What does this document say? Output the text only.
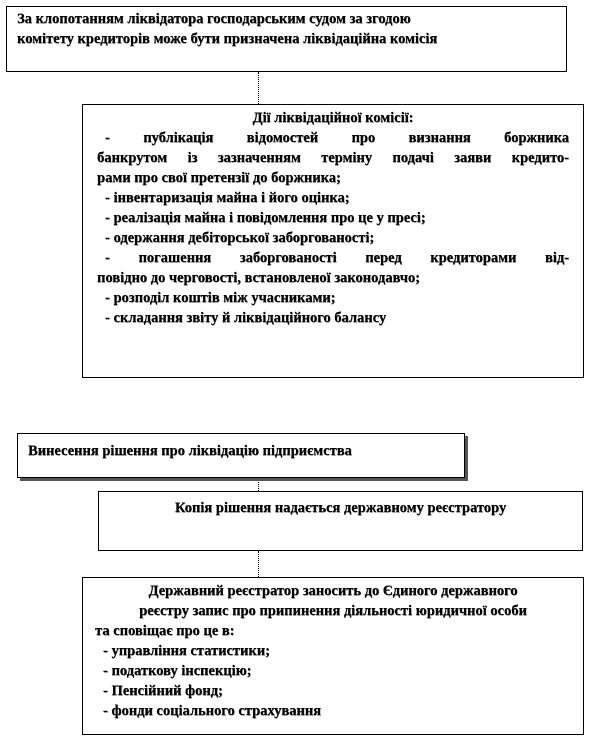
За клопотанням ліквідатора господарським судом за згодою
комітету кредиторів може бути призначена ліквідаційна комісія
Дії ліквідаційної комісії:
- публікація відомостей про визнання боржника
банкрутом із зазначенням терміну подачі заяви кредито-
рами про свої претензії до боржника;
- інвентаризація майна і його оцінка;
- реалізація майна і повідомлення про це у пресі;
- одержання дебіторської заборгованості;
- погашення заборгованості перед кредиторами від-
повідно до черговості, встановленої законодавчо;
- розподіл коштів між учасниками;
- складання звіту й ліквідаційного балансу
Винесення рішення про ліквідацію підприємства
Копія рішення надається державному реєстратору
Державний реєстратор заносить до Єдиного державного
реєстру запис про припинення діяльності юридичної особи
та сповіщає про це в:
- управління статистики;
- податкову інспекцію;
- Пенсійний фонд;
- фонди соціального страхування
